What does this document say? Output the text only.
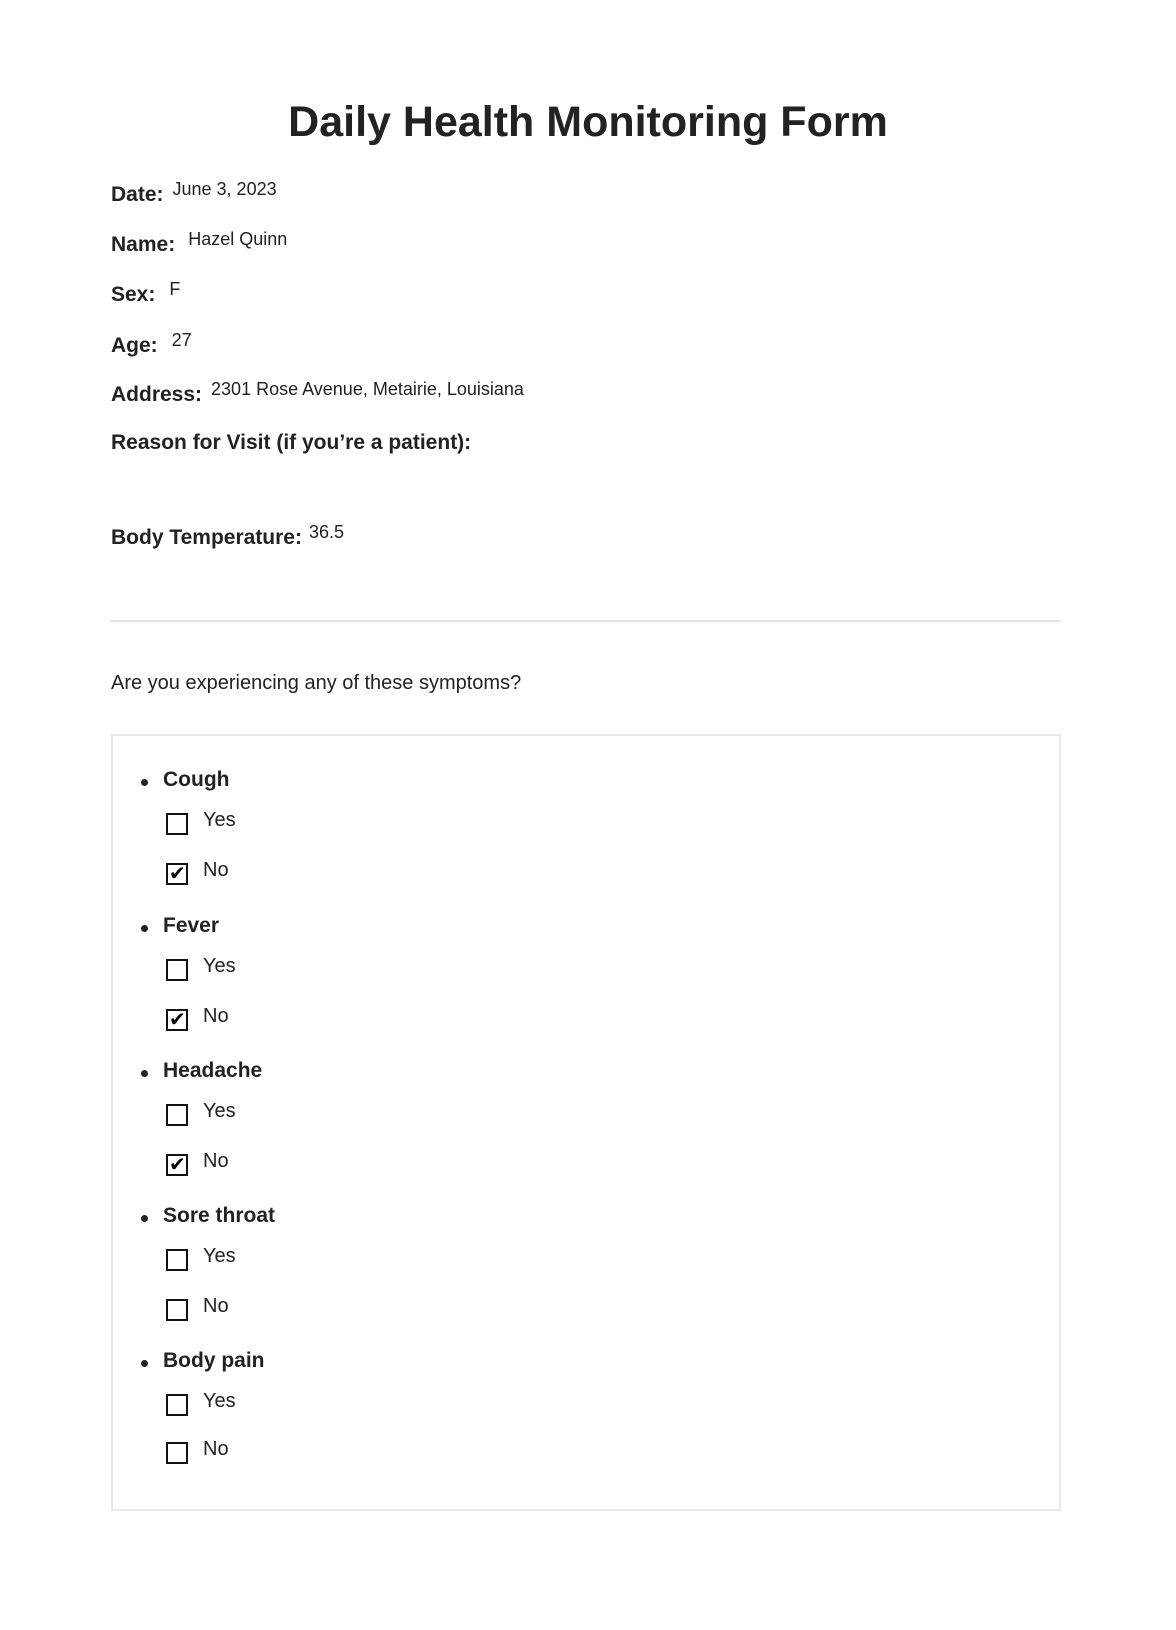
Daily Health Monitoring Form
Date: June 3, 2023
Name: Hazel Quinn
Sex: F
Age: 27
Address: 2301 Rose Avenue, Metairie, Louisiana
Reason for Visit (if you’re a patient):
Body Temperature: 36.5
Are you experiencing any of these symptoms?
Cough
Yes
✔ No
Fever
Yes
✔ No
Headache
Yes
✔ No
Sore throat
Yes
No
Body pain
Yes
No
